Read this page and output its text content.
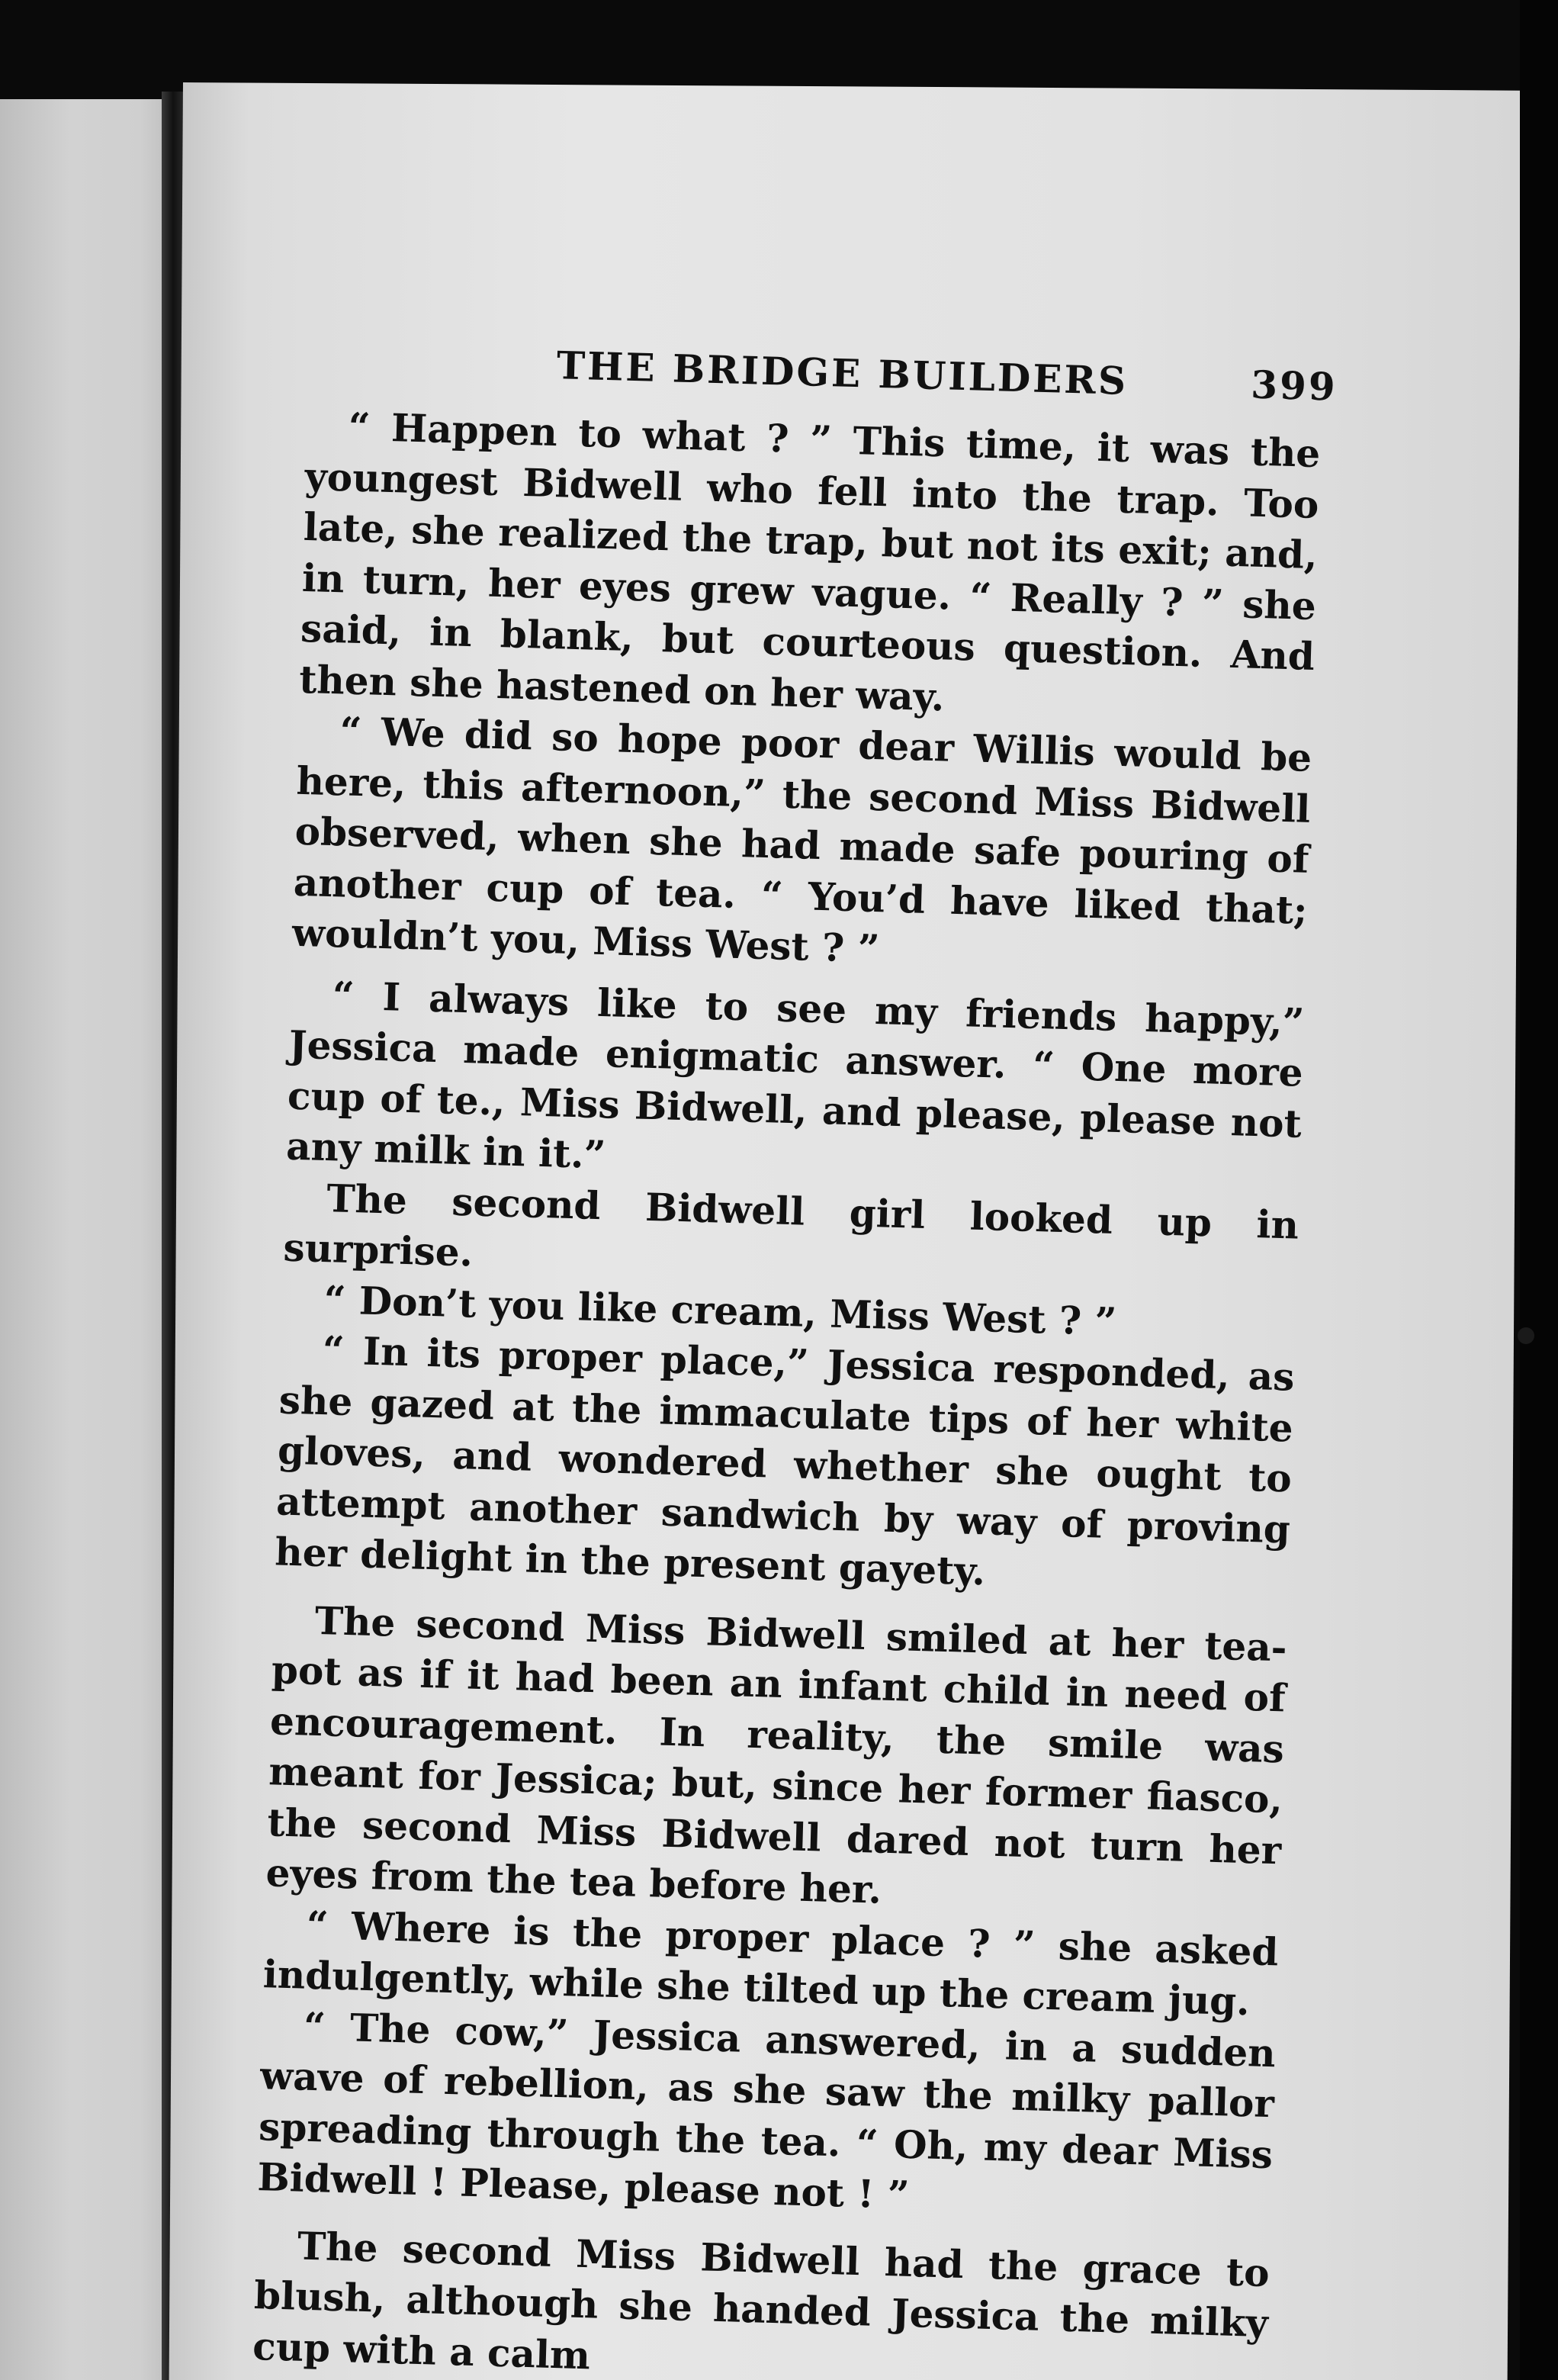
THE BRIDGE BUILDERS	399

“ Happen to what ? ” This time, it was the youngest Bidwell who fell into the trap. Too late, she realized the trap, but not its exit; and, in turn, her eyes grew vague. “ Really ? ” she said, in blank, but courteous question. And then she hastened on her way.

“ We did so hope poor dear Willis would be here, this afternoon,” the second Miss Bidwell observed, when she had made safe pouring of another cup of tea. “ You’d have liked that; wouldn’t you, Miss West ? ”

“ I always like to see my friends happy,” Jessica made enigmatic answer. “ One more cup of te., Miss Bidwell, and please, please not any milk in it.”

The second Bidwell girl looked up in surprise.

“ Don’t you like cream, Miss West ? ”

“ In its proper place,” Jessica responded, as she gazed at the immaculate tips of her white gloves, and wondered whether she ought to attempt another sandwich by way of proving her delight in the present gayety.

The second Miss Bidwell smiled at her tea-pot as if it had been an infant child in need of encouragement. In reality, the smile was meant for Jessica; but, since her former fiasco, the second Miss Bidwell dared not turn her eyes from the tea before her.

“ Where is the proper place ? ” she asked indulgently, while she tilted up the cream jug.

“ The cow,” Jessica answered, in a sudden wave of rebellion, as she saw the milky pallor spreading through the tea. “ Oh, my dear Miss Bidwell ! Please, please not ! ”

The second Miss Bidwell had the grace to blush, although she handed Jessica the milky cup with a calm
